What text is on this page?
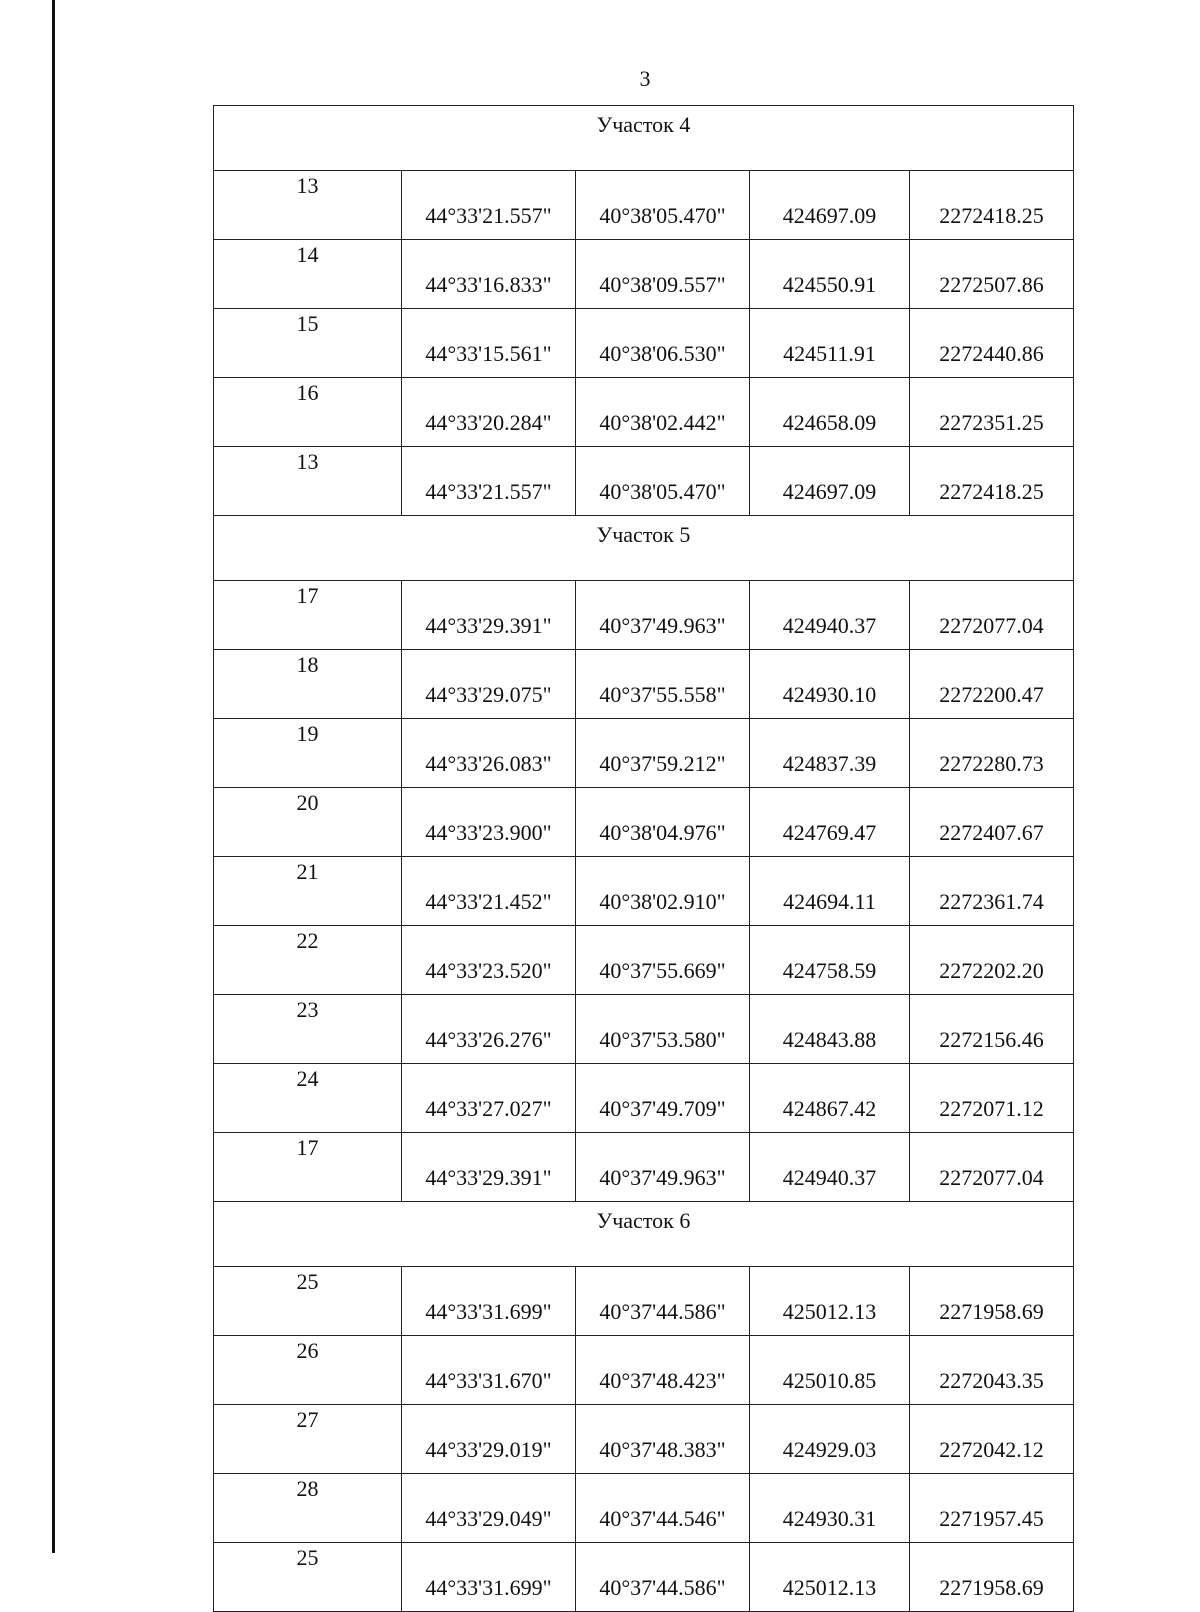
3
Участок 4				
13	44°33'21.557"	40°38'05.470"	424697.09	2272418.25
14	44°33'16.833"	40°38'09.557"	424550.91	2272507.86
15	44°33'15.561"	40°38'06.530"	424511.91	2272440.86
16	44°33'20.284"	40°38'02.442"	424658.09	2272351.25
13	44°33'21.557"	40°38'05.470"	424697.09	2272418.25
Участок 5				
17	44°33'29.391"	40°37'49.963"	424940.37	2272077.04
18	44°33'29.075"	40°37'55.558"	424930.10	2272200.47
19	44°33'26.083"	40°37'59.212"	424837.39	2272280.73
20	44°33'23.900"	40°38'04.976"	424769.47	2272407.67
21	44°33'21.452"	40°38'02.910"	424694.11	2272361.74
22	44°33'23.520"	40°37'55.669"	424758.59	2272202.20
23	44°33'26.276"	40°37'53.580"	424843.88	2272156.46
24	44°33'27.027"	40°37'49.709"	424867.42	2272071.12
17	44°33'29.391"	40°37'49.963"	424940.37	2272077.04
Участок 6				
25	44°33'31.699"	40°37'44.586"	425012.13	2271958.69
26	44°33'31.670"	40°37'48.423"	425010.85	2272043.35
27	44°33'29.019"	40°37'48.383"	424929.03	2272042.12
28	44°33'29.049"	40°37'44.546"	424930.31	2271957.45
25	44°33'31.699"	40°37'44.586"	425012.13	2271958.69
